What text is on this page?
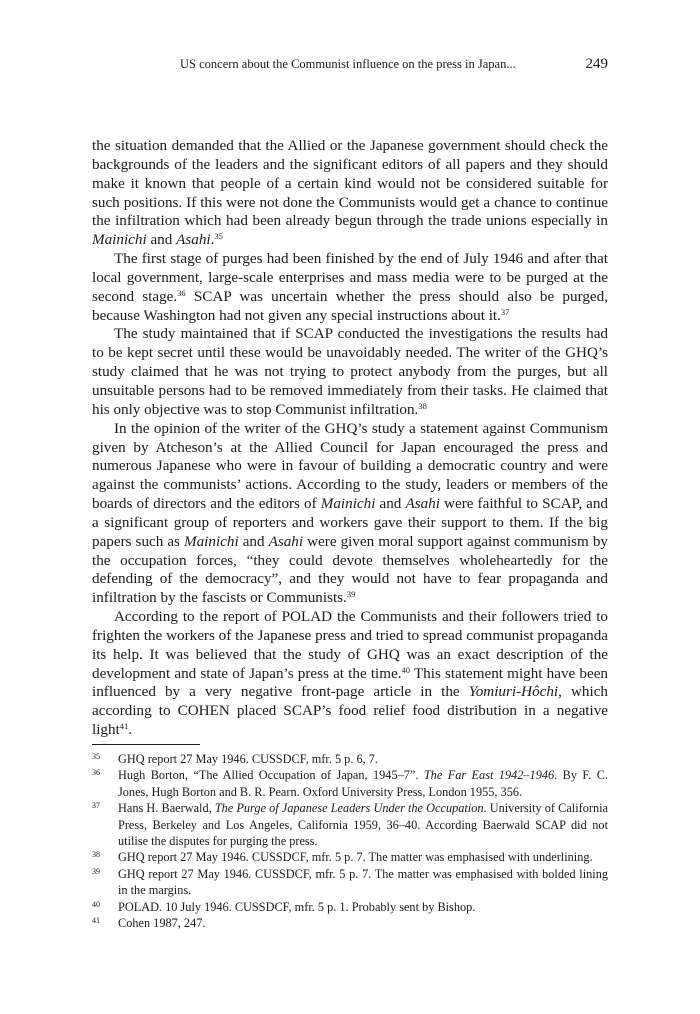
US concern about the Communist influence on the press in Japan...	249

the situation demanded that the Allied or the Japanese government should check the backgrounds of the leaders and the significant editors of all papers and they should make it known that people of a certain kind would not be considered suitable for such positions. If this were not done the Communists would get a chance to continue the infiltration which had been already begun through the trade unions especially in Mainichi and Asahi.$^{35}$

The first stage of purges had been finished by the end of July 1946 and after that local government, large-scale enterprises and mass media were to be purged at the second stage.$^{36}$ SCAP was uncertain whether the press should also be purged, because Washington had not given any special instructions about it.$^{37}$

The study maintained that if SCAP conducted the investigations the results had to be kept secret until these would be unavoidably needed. The writer of the GHQ’s study claimed that he was not trying to protect anybody from the purges, but all unsuitable persons had to be removed immediately from their tasks. He claimed that his only objective was to stop Communist infiltration.$^{38}$

In the opinion of the writer of the GHQ’s study a statement against Communism given by Atcheson’s at the Allied Council for Japan encouraged the press and numerous Japanese who were in favour of building a democratic country and were against the communists’ actions. According to the study, leaders or members of the boards of directors and the editors of Mainichi and Asahi were faithful to SCAP, and a significant group of reporters and workers gave their support to them. If the big papers such as Mainichi and Asahi were given moral support against communism by the occupation forces, “they could devote themselves wholeheartedly for the defending of the democracy”, and they would not have to fear propaganda and infiltration by the fascists or Communists.$^{39}$

According to the report of POLAD the Communists and their followers tried to frighten the workers of the Japanese press and tried to spread communist propaganda its help. It was believed that the study of GHQ was an exact description of the development and state of Japan’s press at the time.$^{40}$ This statement might have been influenced by a very negative front-page article in the Yomiuri-Hôchi, which according to COHEN placed SCAP’s food relief food distribution in a negative light$^{41}$.

35 GHQ report 27 May 1946. CUSSDCF, mfr. 5 p. 6, 7.
36 Hugh Borton, “The Allied Occupation of Japan, 1945–7”. The Far East 1942–1946. By F. C. Jones, Hugh Borton and B. R. Pearn. Oxford University Press, London 1955, 356.
37 Hans H. Baerwald, The Purge of Japanese Leaders Under the Occupation. University of California Press, Berkeley and Los Angeles, California 1959, 36–40. According Baerwald SCAP did not utilise the disputes for purging the press.
38 GHQ report 27 May 1946. CUSSDCF, mfr. 5 p. 7. The matter was emphasised with underlining.
39 GHQ report 27 May 1946. CUSSDCF, mfr. 5 p. 7. The matter was emphasised with bolded lining in the margins.
40 POLAD. 10 July 1946. CUSSDCF, mfr. 5 p. 1. Probably sent by Bishop.
41 Cohen 1987, 247.
